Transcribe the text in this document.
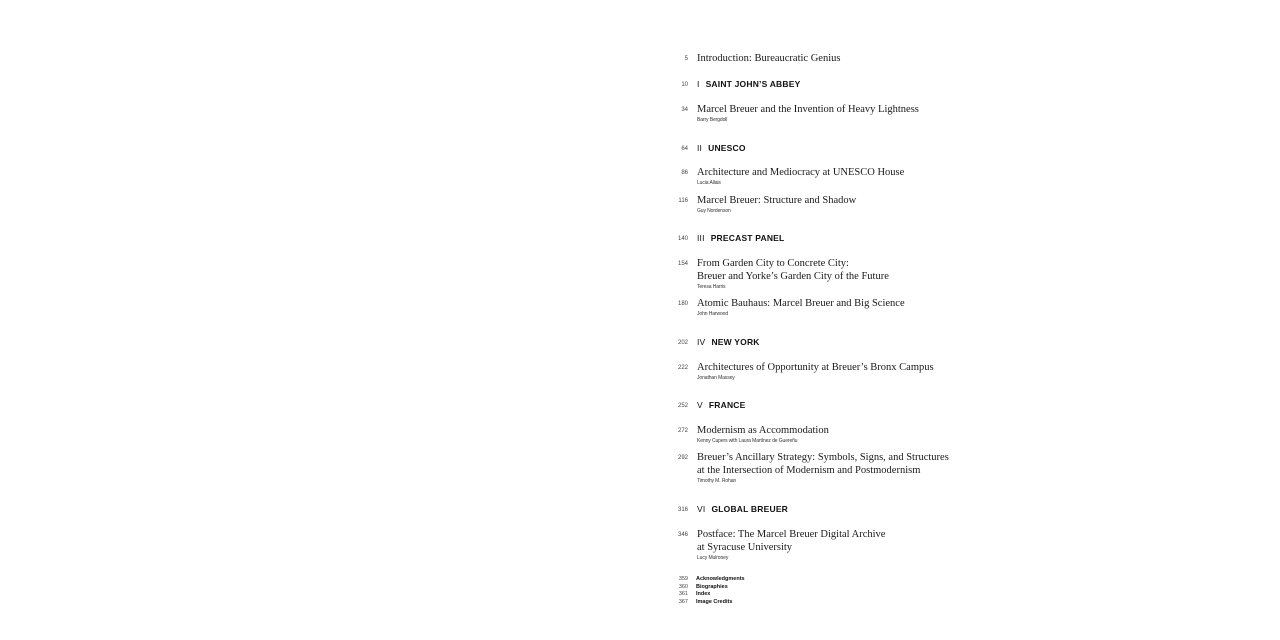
5 Introduction: Bureaucratic Genius
10 I SAINT JOHN’S ABBEY
34 Marcel Breuer and the Invention of Heavy Lightness
Barry Bergdoll
64 II UNESCO
86 Architecture and Mediocracy at UNESCO House
Lucia Allais
116 Marcel Breuer: Structure and Shadow
Guy Nordenson
140 III PRECAST PANEL
154 From Garden City to Concrete City:
Breuer and Yorke’s Garden City of the Future
Teresa Harris
180 Atomic Bauhaus: Marcel Breuer and Big Science
John Harwood
202 IV NEW YORK
222 Architectures of Opportunity at Breuer’s Bronx Campus
Jonathan Massey
252 V FRANCE
272 Modernism as Accommodation
Kenny Cupers with Laura Martínez de Guereñu
292 Breuer’s Ancillary Strategy: Symbols, Signs, and Structures
at the Intersection of Modernism and Postmodernism
Timothy M. Rohan
316 VI GLOBAL BREUER
346 Postface: The Marcel Breuer Digital Archive
at Syracuse University
Lucy Mulroney
359 Acknowledgments
360 Biographies
361 Index
367 Image Credits
